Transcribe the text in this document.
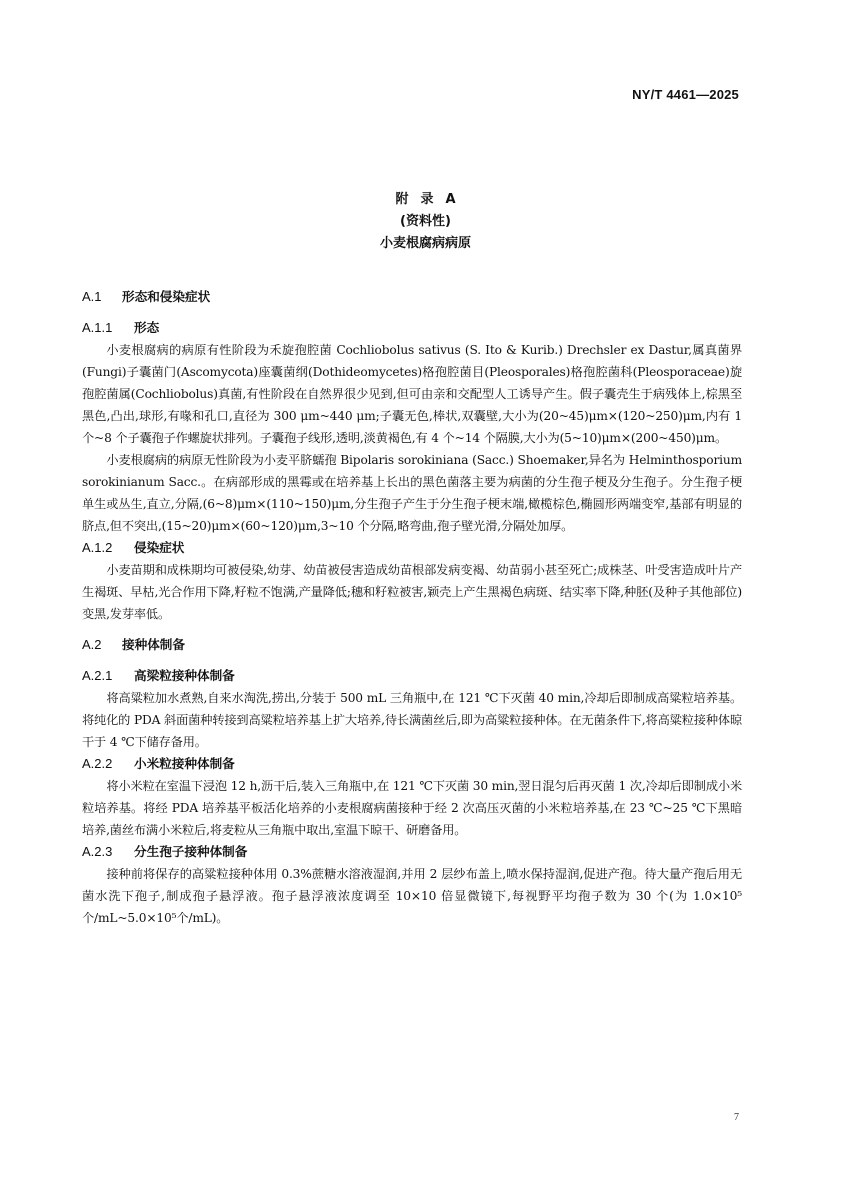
NY/T 4461—2025
附录A
(资料性)
小麦根腐病病原
A.1 形态和侵染症状
A.1.1 形态

小麦根腐病的病原有性阶段为禾旋孢腔菌 Cochliobolus sativus (S. Ito & Kurib.) Drechsler ex Dastur,属真菌界(Fungi)子囊菌门(Ascomycota)座囊菌纲(Dothideomycetes)格孢腔菌目(Pleosporales)格孢腔菌科(Pleosporaceae)旋孢腔菌属(Cochliobolus)真菌,有性阶段在自然界很少见到,但可由亲和交配型人工诱导产生。假子囊壳生于病残体上,棕黑至黑色,凸出,球形,有喙和孔口,直径为 300 μm~440 μm;子囊无色,棒状,双囊壁,大小为(20~45)μm×(120~250)μm,内有 1 个~8 个子囊孢子作螺旋状排列。子囊孢子线形,透明,淡黄褐色,有 4 个~14 个隔膜,大小为(5~10)μm×(200~450)μm。

小麦根腐病的病原无性阶段为小麦平脐蠕孢 Bipolaris sorokiniana (Sacc.) Shoemaker,异名为 Helminthosporium sorokinianum Sacc.。在病部形成的黑霉或在培养基上长出的黑色菌落主要为病菌的分生孢子梗及分生孢子。分生孢子梗单生或丛生,直立,分隔,(6~8)μm×(110~150)μm,分生孢子产生于分生孢子梗末端,橄榄棕色,椭圆形两端变窄,基部有明显的脐点,但不突出,(15~20)μm×(60~120)μm,3~10 个分隔,略弯曲,孢子壁光滑,分隔处加厚。

A.1.2 侵染症状

小麦苗期和成株期均可被侵染,幼芽、幼苗被侵害造成幼苗根部发病变褐、幼苗弱小甚至死亡;成株茎、叶受害造成叶片产生褐斑、早枯,光合作用下降,籽粒不饱满,产量降低;穗和籽粒被害,颖壳上产生黑褐色病斑、结实率下降,种胚(及种子其他部位)变黑,发芽率低。

A.2 接种体制备
A.2.1 高梁粒接种体制备

将高粱粒加水煮熟,自来水淘洗,捞出,分装于 500 mL 三角瓶中,在 121 ℃下灭菌 40 min,冷却后即制成高粱粒培养基。将纯化的 PDA 斜面菌种转接到高粱粒培养基上扩大培养,待长满菌丝后,即为高粱粒接种体。在无菌条件下,将高粱粒接种体晾干于 4 ℃下储存备用。

A.2.2 小米粒接种体制备

将小米粒在室温下浸泡 12 h,沥干后,装入三角瓶中,在 121 ℃下灭菌 30 min,翌日混匀后再灭菌 1 次,冷却后即制成小米粒培养基。将经 PDA 培养基平板活化培养的小麦根腐病菌接种于经 2 次高压灭菌的小米粒培养基,在 23 ℃~25 ℃下黑暗培养,菌丝布满小米粒后,将麦粒从三角瓶中取出,室温下晾干、研磨备用。

A.2.3 分生孢子接种体制备

接种前将保存的高粱粒接种体用 0.3%蔗糖水溶液湿润,并用 2 层纱布盖上,喷水保持湿润,促进产孢。待大量产孢后用无菌水洗下孢子,制成孢子悬浮液。孢子悬浮液浓度调至 10×10 倍显微镜下,每视野平均孢子数为 30 个(为 1.0×10⁵个/mL~5.0×10⁵个/mL)。

7
